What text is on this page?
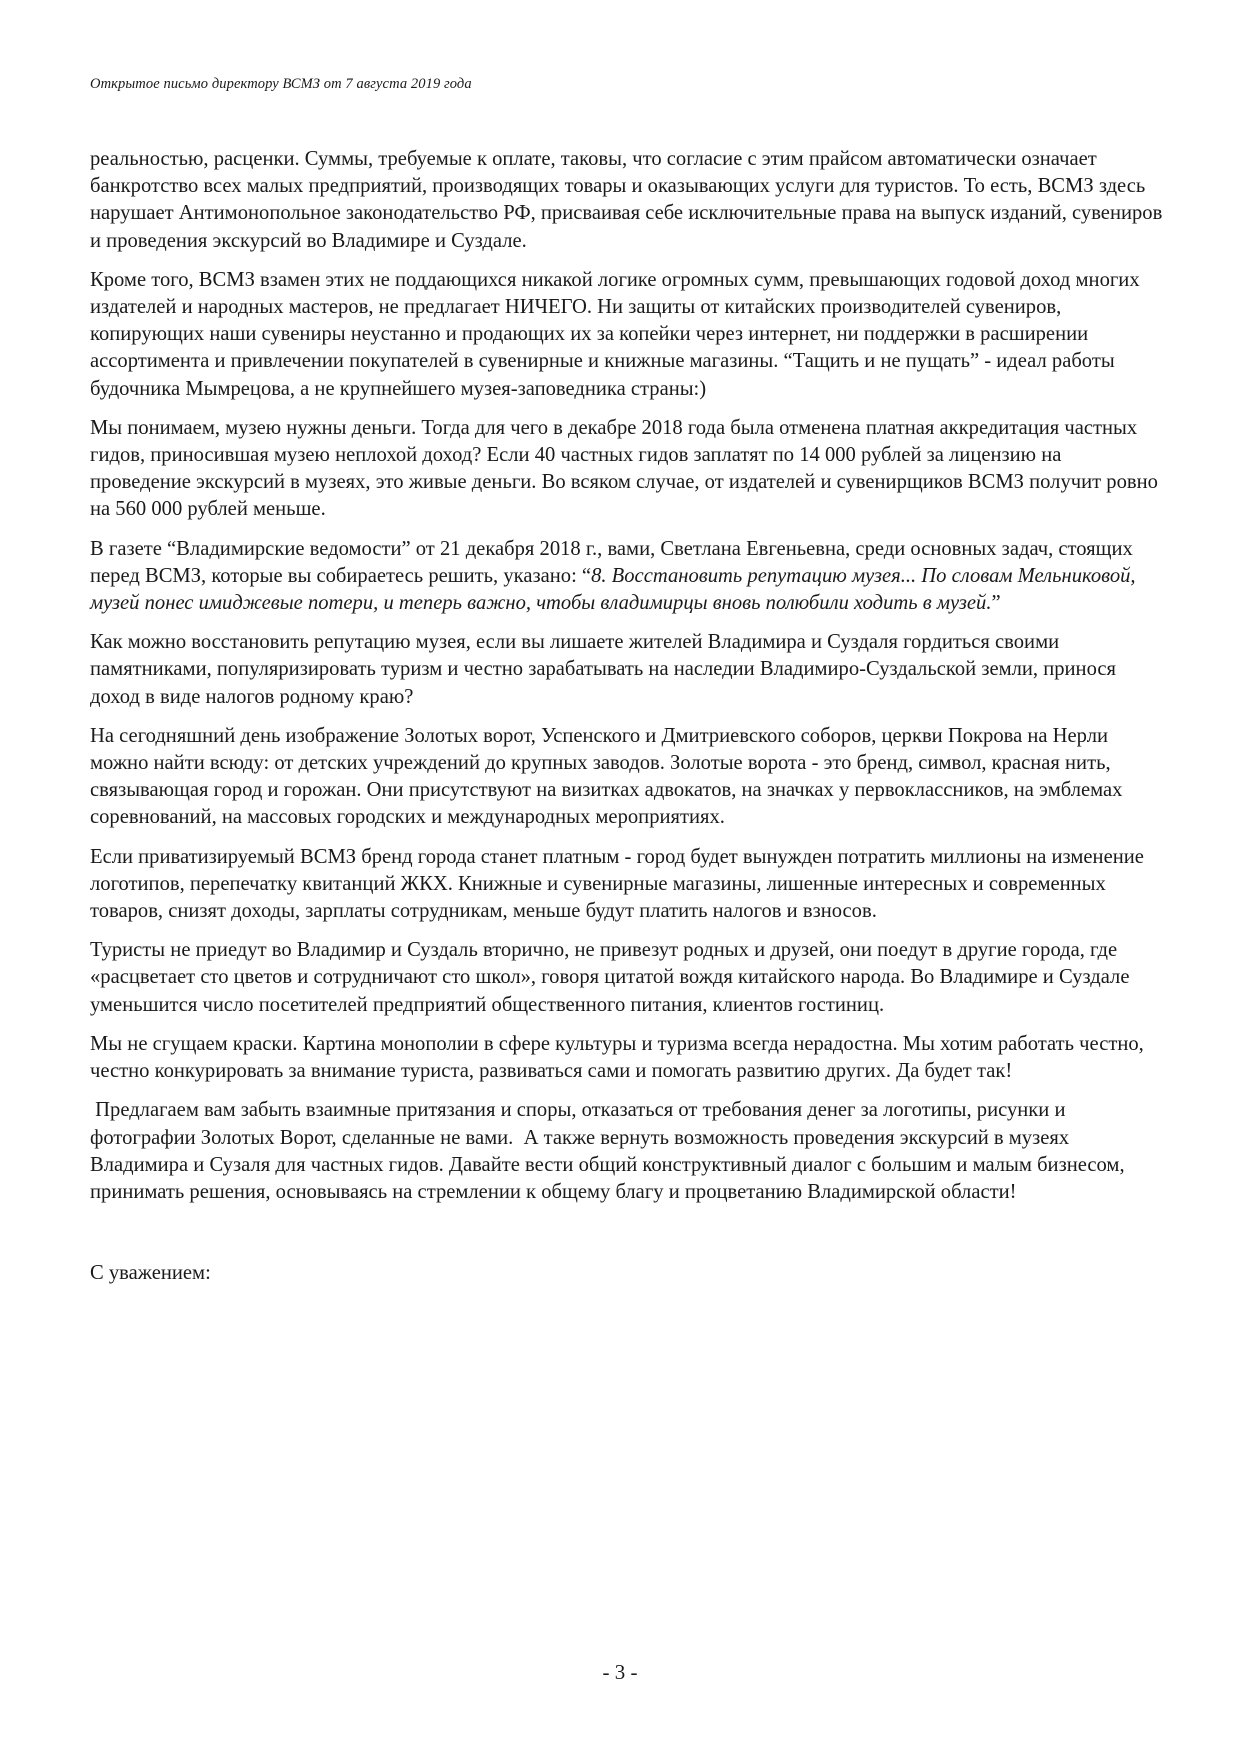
Открытое письмо директору ВСМЗ от 7 августа 2019 года

реальностью, расценки. Суммы, требуемые к оплате, таковы, что согласие с этим прайсом автоматически означает банкротство всех малых предприятий, производящих товары и оказывающих услуги для туристов. То есть, ВСМЗ здесь нарушает Антимонопольное законодательство РФ, присваивая себе исключительные права на выпуск изданий, сувениров и проведения экскурсий во Владимире и Суздале.

Кроме того, ВСМЗ взамен этих не поддающихся никакой логике огромных сумм, превышающих годовой доход многих издателей и народных мастеров, не предлагает НИЧЕГО. Ни защиты от китайских производителей сувениров, копирующих наши сувениры неустанно и продающих их за копейки через интернет, ни поддержки в расширении ассортимента и привлечении покупателей в сувенирные и книжные магазины. “Тащить и не пущать” - идеал работы будочника Мымрецова, а не крупнейшего музея-заповедника страны:)

Мы понимаем, музею нужны деньги. Тогда для чего в декабре 2018 года была отменена платная аккредитация частных гидов, приносившая музею неплохой доход? Если 40 частных гидов заплатят по 14 000 рублей за лицензию на проведение экскурсий в музеях, это живые деньги. Во всяком случае, от издателей и сувенирщиков ВСМЗ получит ровно на 560 000 рублей меньше.

В газете “Владимирские ведомости” от 21 декабря 2018 г., вами, Светлана Евгеньевна, среди основных задач, стоящих перед ВСМЗ, которые вы собираетесь решить, указано: “8. Восстановить репутацию музея... По словам Мельниковой, музей понес имиджевые потери, и теперь важно, чтобы владимирцы вновь полюбили ходить в музей.”

Как можно восстановить репутацию музея, если вы лишаете жителей Владимира и Суздаля гордиться своими памятниками, популяризировать туризм и честно зарабатывать на наследии Владимиро-Суздальской земли, принося доход в виде налогов родному краю?

На сегодняшний день изображение Золотых ворот, Успенского и Дмитриевского соборов, церкви Покрова на Нерли можно найти всюду: от детских учреждений до крупных заводов. Золотые ворота - это бренд, символ, красная нить, связывающая город и горожан. Они присутствуют на визитках адвокатов, на значках у первоклассников, на эмблемах соревнований, на массовых городских и международных мероприятиях.

Если приватизируемый ВСМЗ бренд города станет платным - город будет вынужден потратить миллионы на изменение логотипов, перепечатку квитанций ЖКХ. Книжные и сувенирные магазины, лишенные интересных и современных товаров, снизят доходы, зарплаты сотрудникам, меньше будут платить налогов и взносов.

Туристы не приедут во Владимир и Суздаль вторично, не привезут родных и друзей, они поедут в другие города, где «расцветает сто цветов и сотрудничают сто школ», говоря цитатой вождя китайского народа. Во Владимире и Суздале уменьшится число посетителей предприятий общественного питания, клиентов гостиниц.

Мы не сгущаем краски. Картина монополии в сфере культуры и туризма всегда нерадостна. Мы хотим работать честно, честно конкурировать за внимание туриста, развиваться сами и помогать развитию других. Да будет так!

Предлагаем вам забыть взаимные притязания и споры, отказаться от требования денег за логотипы, рисунки и фотографии Золотых Ворот, сделанные не вами.  А также вернуть возможность проведения экскурсий в музеях Владимира и Сузаля для частных гидов. Давайте вести общий конструктивный диалог с большим и малым бизнесом, принимать решения, основываясь на стремлении к общему благу и процветанию Владимирской области!

С уважением:

- 3 -
